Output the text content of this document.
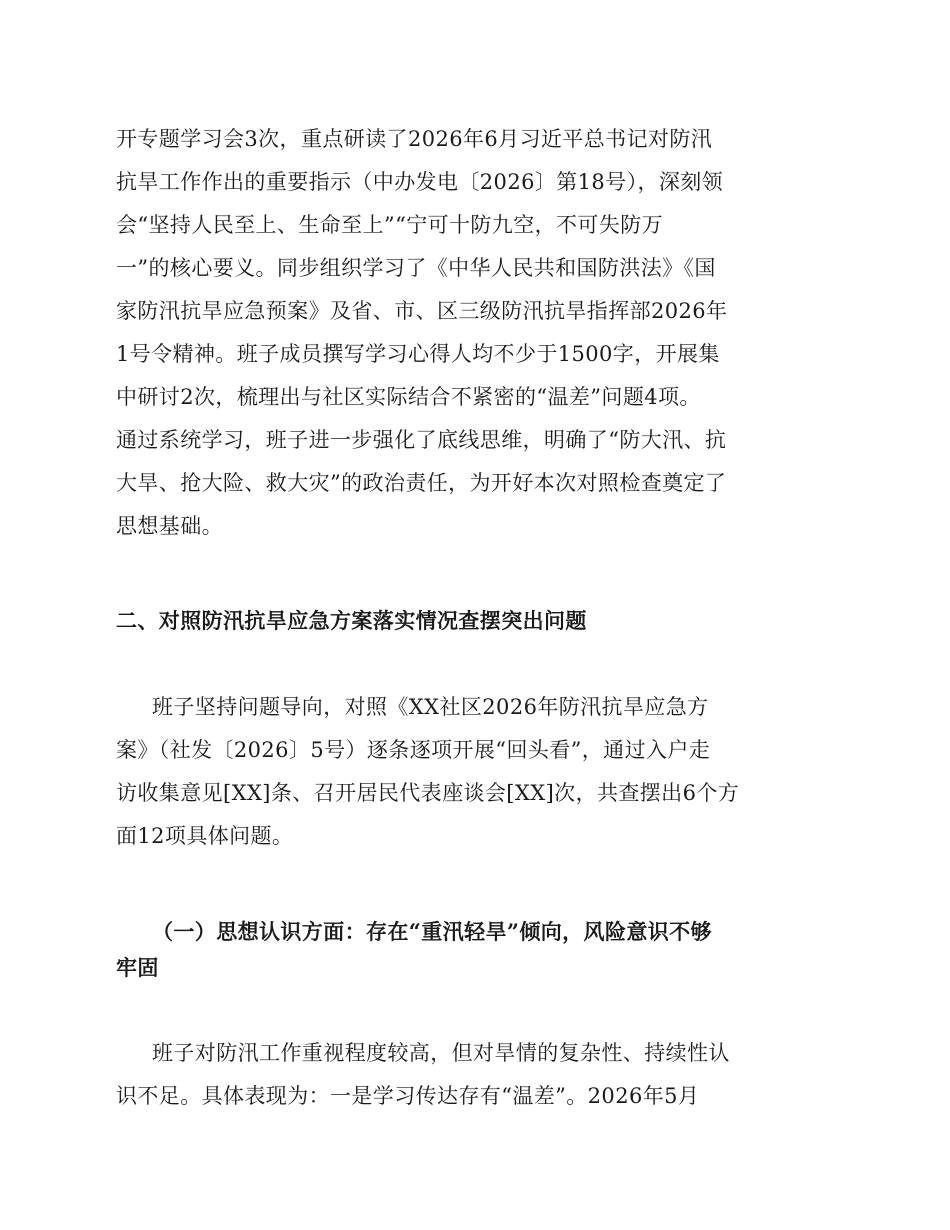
开专题学习会3次，重点研读了2026年6月习近平总书记对防汛
抗旱工作作出的重要指示（中办发电〔2026〕第18号），深刻领
会“坚持人民至上、生命至上”“宁可十防九空，不可失防万
一”的核心要义。同步组织学习了《中华人民共和国防洪法》《国
家防汛抗旱应急预案》及省、市、区三级防汛抗旱指挥部2026年
1号令精神。班子成员撰写学习心得人均不少于1500字，开展集
中研讨2次，梳理出与社区实际结合不紧密的“温差”问题4项。
通过系统学习，班子进一步强化了底线思维，明确了“防大汛、抗
大旱、抢大险、救大灾”的政治责任，为开好本次对照检查奠定了
思想基础。
二、对照防汛抗旱应急方案落实情况查摆突出问题
班子坚持问题导向，对照《XX社区2026年防汛抗旱应急方
案》（社发〔2026〕5号）逐条逐项开展“回头看”，通过入户走
访收集意见[XX]条、召开居民代表座谈会[XX]次，共查摆出6个方
面12项具体问题。
（一）思想认识方面：存在“重汛轻旱”倾向，风险意识不够
牢固
班子对防汛工作重视程度较高，但对旱情的复杂性、持续性认
识不足。具体表现为：一是学习传达存有“温差”。2026年5月
